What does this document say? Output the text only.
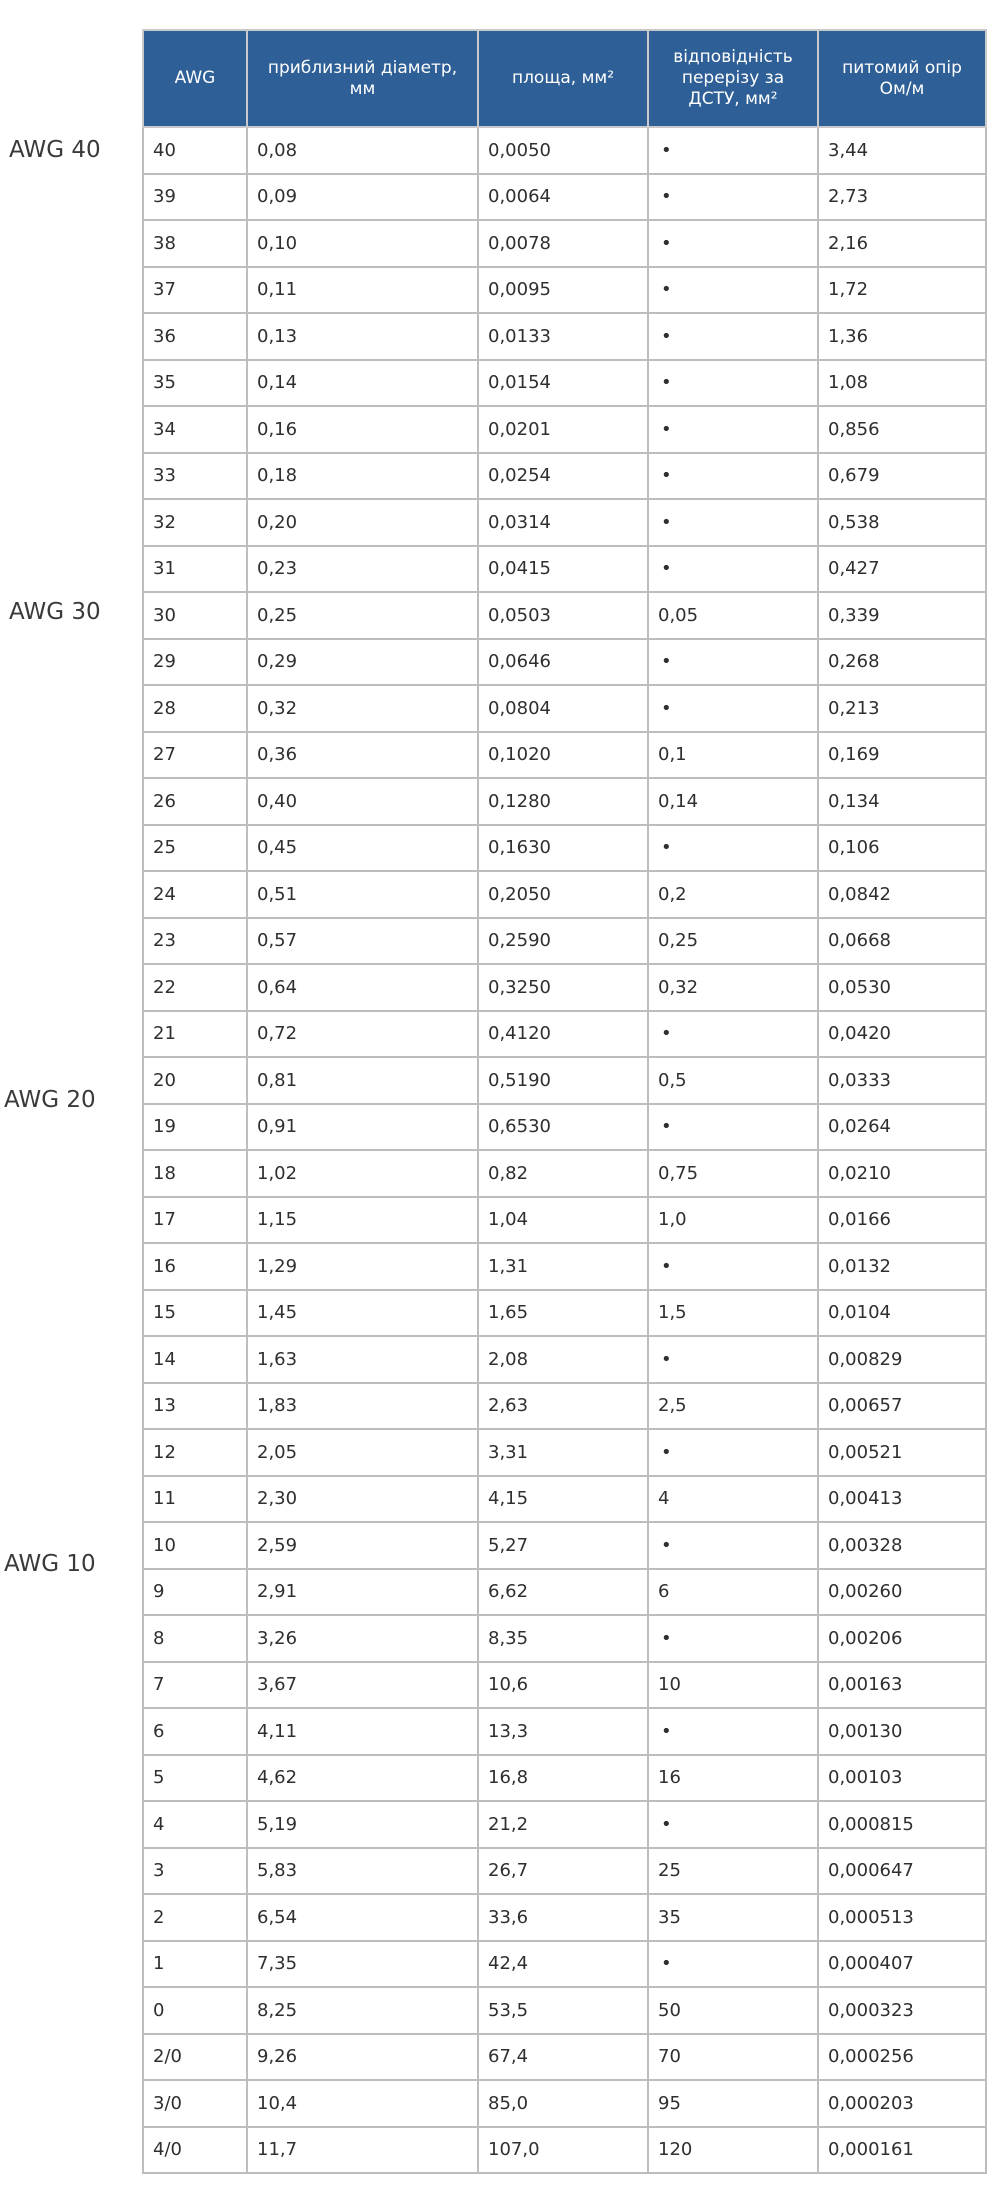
AWG 40
AWG 30
AWG 20
AWG 10
AWG	приблизний діаметр, мм	площа, мм²	відповідність перерізу за ДСТУ, мм²	питомий опір Ом/м
40	0,08	0,0050	•	3,44
39	0,09	0,0064	•	2,73
38	0,10	0,0078	•	2,16
37	0,11	0,0095	•	1,72
36	0,13	0,0133	•	1,36
35	0,14	0,0154	•	1,08
34	0,16	0,0201	•	0,856
33	0,18	0,0254	•	0,679
32	0,20	0,0314	•	0,538
31	0,23	0,0415	•	0,427
30	0,25	0,0503	0,05	0,339
29	0,29	0,0646	•	0,268
28	0,32	0,0804	•	0,213
27	0,36	0,1020	0,1	0,169
26	0,40	0,1280	0,14	0,134
25	0,45	0,1630	•	0,106
24	0,51	0,2050	0,2	0,0842
23	0,57	0,2590	0,25	0,0668
22	0,64	0,3250	0,32	0,0530
21	0,72	0,4120	•	0,0420
20	0,81	0,5190	0,5	0,0333
19	0,91	0,6530	•	0,0264
18	1,02	0,82	0,75	0,0210
17	1,15	1,04	1,0	0,0166
16	1,29	1,31	•	0,0132
15	1,45	1,65	1,5	0,0104
14	1,63	2,08	•	0,00829
13	1,83	2,63	2,5	0,00657
12	2,05	3,31	•	0,00521
11	2,30	4,15	4	0,00413
10	2,59	5,27	•	0,00328
9	2,91	6,62	6	0,00260
8	3,26	8,35	•	0,00206
7	3,67	10,6	10	0,00163
6	4,11	13,3	•	0,00130
5	4,62	16,8	16	0,00103
4	5,19	21,2	•	0,000815
3	5,83	26,7	25	0,000647
2	6,54	33,6	35	0,000513
1	7,35	42,4	•	0,000407
0	8,25	53,5	50	0,000323
2/0	9,26	67,4	70	0,000256
3/0	10,4	85,0	95	0,000203
4/0	11,7	107,0	120	0,000161
